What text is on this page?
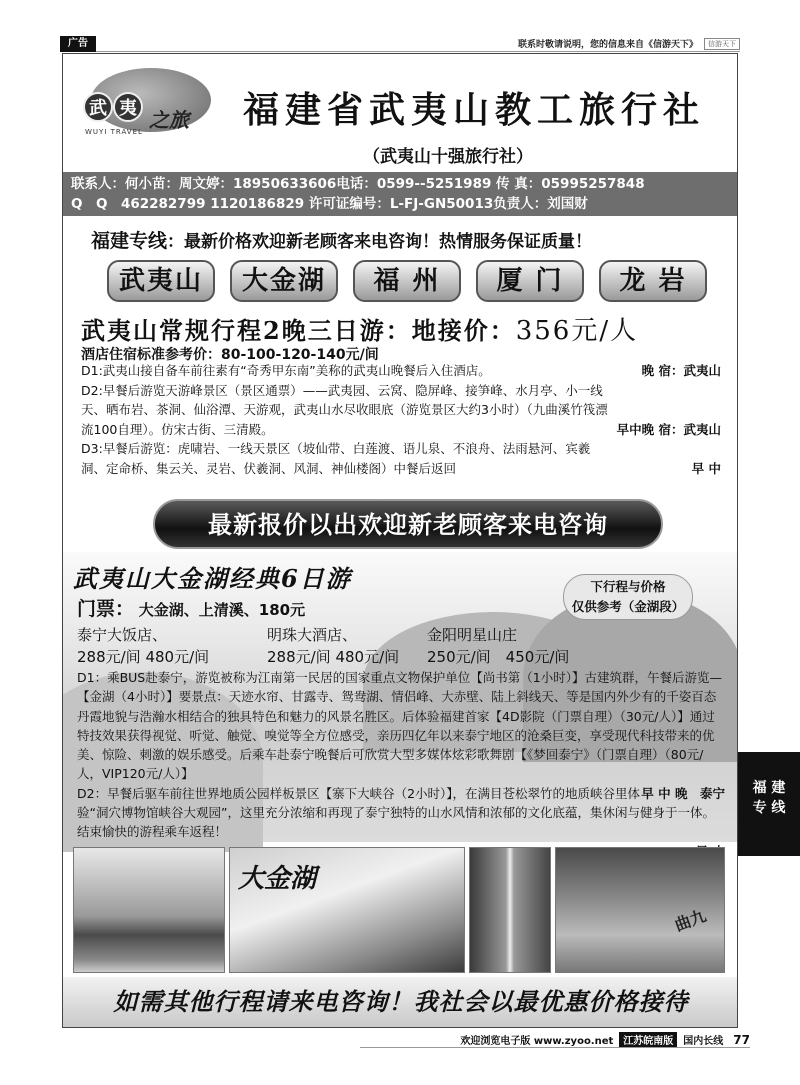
广告	联系时敬请说明，您的信息来自《信游天下》	信游天下
武 夷 之旅
WUYI TRAVEL
福建省武夷山教工旅行社
（武夷山十强旅行社）
联系人：何小苗：周文婷：18950633606电话：0599--5251989 传 真：05995257848
Q　Q　462282799 1120186829 许可证编号：L-FJ-GN50013负责人：刘国财
福建专线：最新价格欢迎新老顾客来电咨询！热情服务保证质量！
武夷山	大金湖	福 州	厦 门	龙 岩
武夷山常规行程2晚三日游：地接价：356元/人
酒店住宿标准参考价：80-100-120-140元/间
D1:武夷山接自备车前往素有“奇秀甲东南”美称的武夷山晚餐后入住酒店。	晚 宿：武夷山
D2:早餐后游览天游峰景区（景区通票）——武夷园、云窝、隐屏峰、接笋峰、水月亭、小一线天、晒布岩、茶洞、仙浴潭、天游观，武夷山水尽收眼底（游览景区大约3小时）（九曲溪竹筏漂流100自理）。仿宋古街、三清殿。	早中晚 宿：武夷山
D3:早餐后游览：虎啸岩、一线天景区（坡仙带、白莲渡、语儿泉、不浪舟、法雨悬河、宾羲洞、定命桥、集云关、灵岩、伏羲洞、风洞、神仙楼阁）中餐后返回	早 中
最新报价以出欢迎新老顾客来电咨询
武夷山大金湖经典6日游	下行程与价格
仅供参考（金湖段）
门票： 大金湖、上清溪、180元
泰宁大饭店、	明珠大酒店、	金阳明星山庄
288元/间 480元/间	288元/间 480元/间	250元/间　450元/间
D1：乘BUS赴泰宁，游览被称为江南第一民居的国家重点文物保护单位【尚书第（1小时）】古建筑群，午餐后游览—【金湖（4小时）】要景点：天迹水帘、甘露寺、鸳鸯湖、情侣峰、大赤壁、陆上斜线天、等是国内外少有的千姿百态丹霞地貌与浩瀚水相结合的独具特色和魅力的风景名胜区。后体验福建首家【4D影院（门票自理）（30元/人）】通过特技效果获得视觉、听觉、触觉、嗅觉等全方位感受，亲历四亿年以来泰宁地区的沧桑巨变，享受现代科技带来的优美、惊险、刺激的娱乐感受。后乘车赴泰宁晚餐后可欣赏大型多媒体炫彩歌舞剧【《梦回泰宁》（门票自理）（80元/人，VIP120元/人）】
早 中 晚　泰宁
D2：早餐后驱车前往世界地质公园样板景区【寨下大峡谷（2小时）】，在满目苍松翠竹的地质峡谷里体验“洞穴博物馆峡谷大观园”，这里充分浓缩和再现了泰宁独特的山水风情和浓郁的文化底蕴，集休闲与健身于一体。结束愉快的游程乘车返程！
大金湖
曲九
如需其他行程请来电咨询！我社会以最优惠价格接待
福 建
专 线
欢迎浏览电子版 www.zyoo.net	江苏皖南版	国内长线 77
